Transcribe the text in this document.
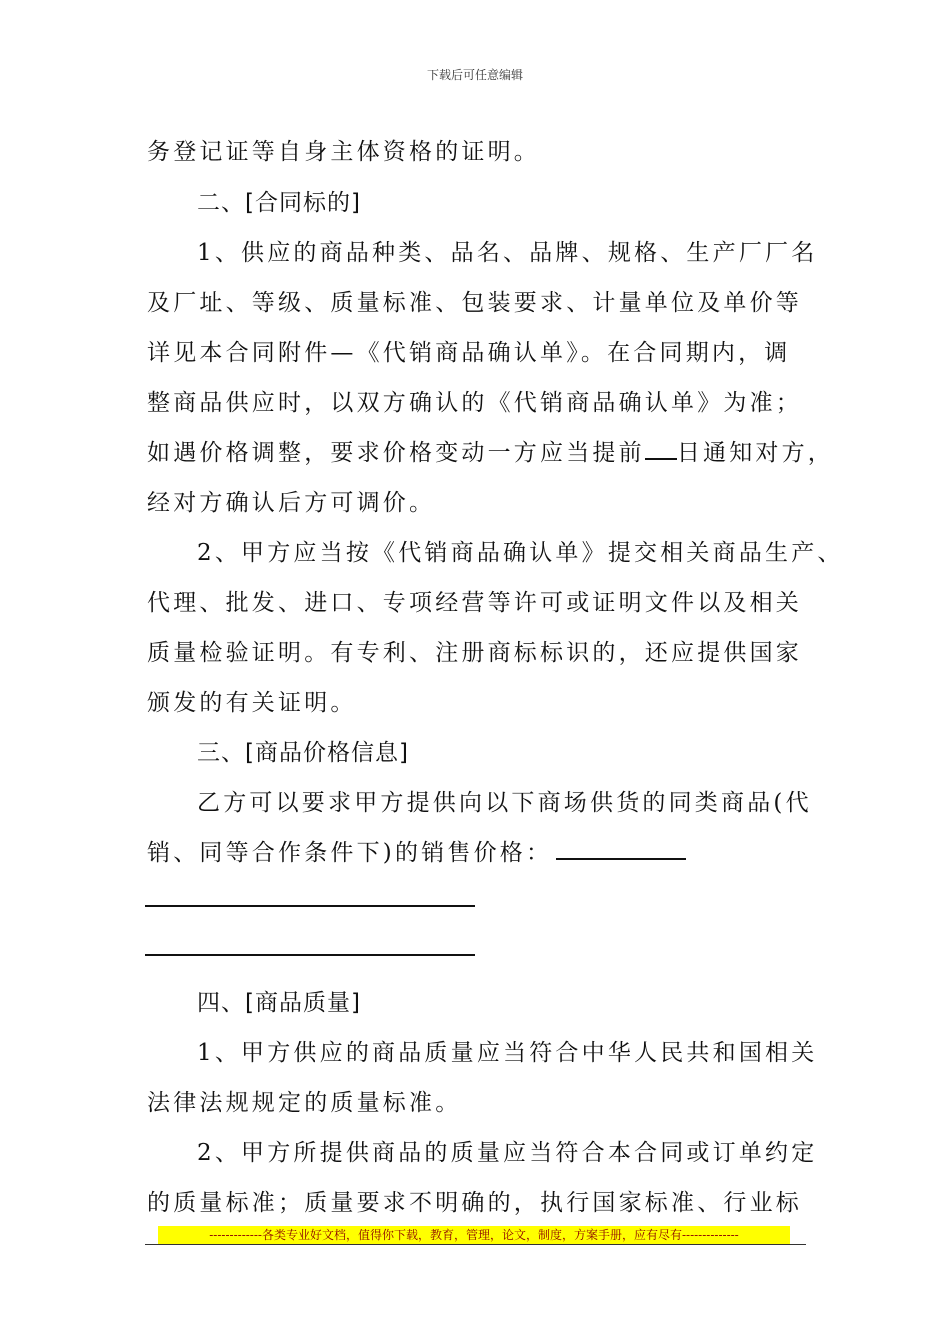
下载后可任意编辑
务登记证等自身主体资格的证明。
二、[合同标的]
1、供应的商品种类、品名、品牌、规格、生产厂厂名
及厂址、等级、质量标准、包装要求、计量单位及单价等
详见本合同附件—《代销商品确认单》。在合同期内，调
整商品供应时，以双方确认的《代销商品确认单》为准；
如遇价格调整，要求价格变动一方应当提前 日通知对方，
经对方确认后方可调价。
2、甲方应当按《代销商品确认单》提交相关商品生产、
代理、批发、进口、专项经营等许可或证明文件以及相关
质量检验证明。有专利、注册商标标识的，还应提供国家
颁发的有关证明。
三、[商品价格信息]
乙方可以要求甲方提供向以下商场供货的同类商品(代
销、同等合作条件下)的销售价格：
四、[商品质量]
1、甲方供应的商品质量应当符合中华人民共和国相关
法律法规规定的质量标准。
2、甲方所提供商品的质量应当符合本合同或订单约定
的质量标准；质量要求不明确的，执行国家标准、行业标
-------------各类专业好文档，值得你下载，教育，管理，论文，制度，方案手册，应有尽有--------------
